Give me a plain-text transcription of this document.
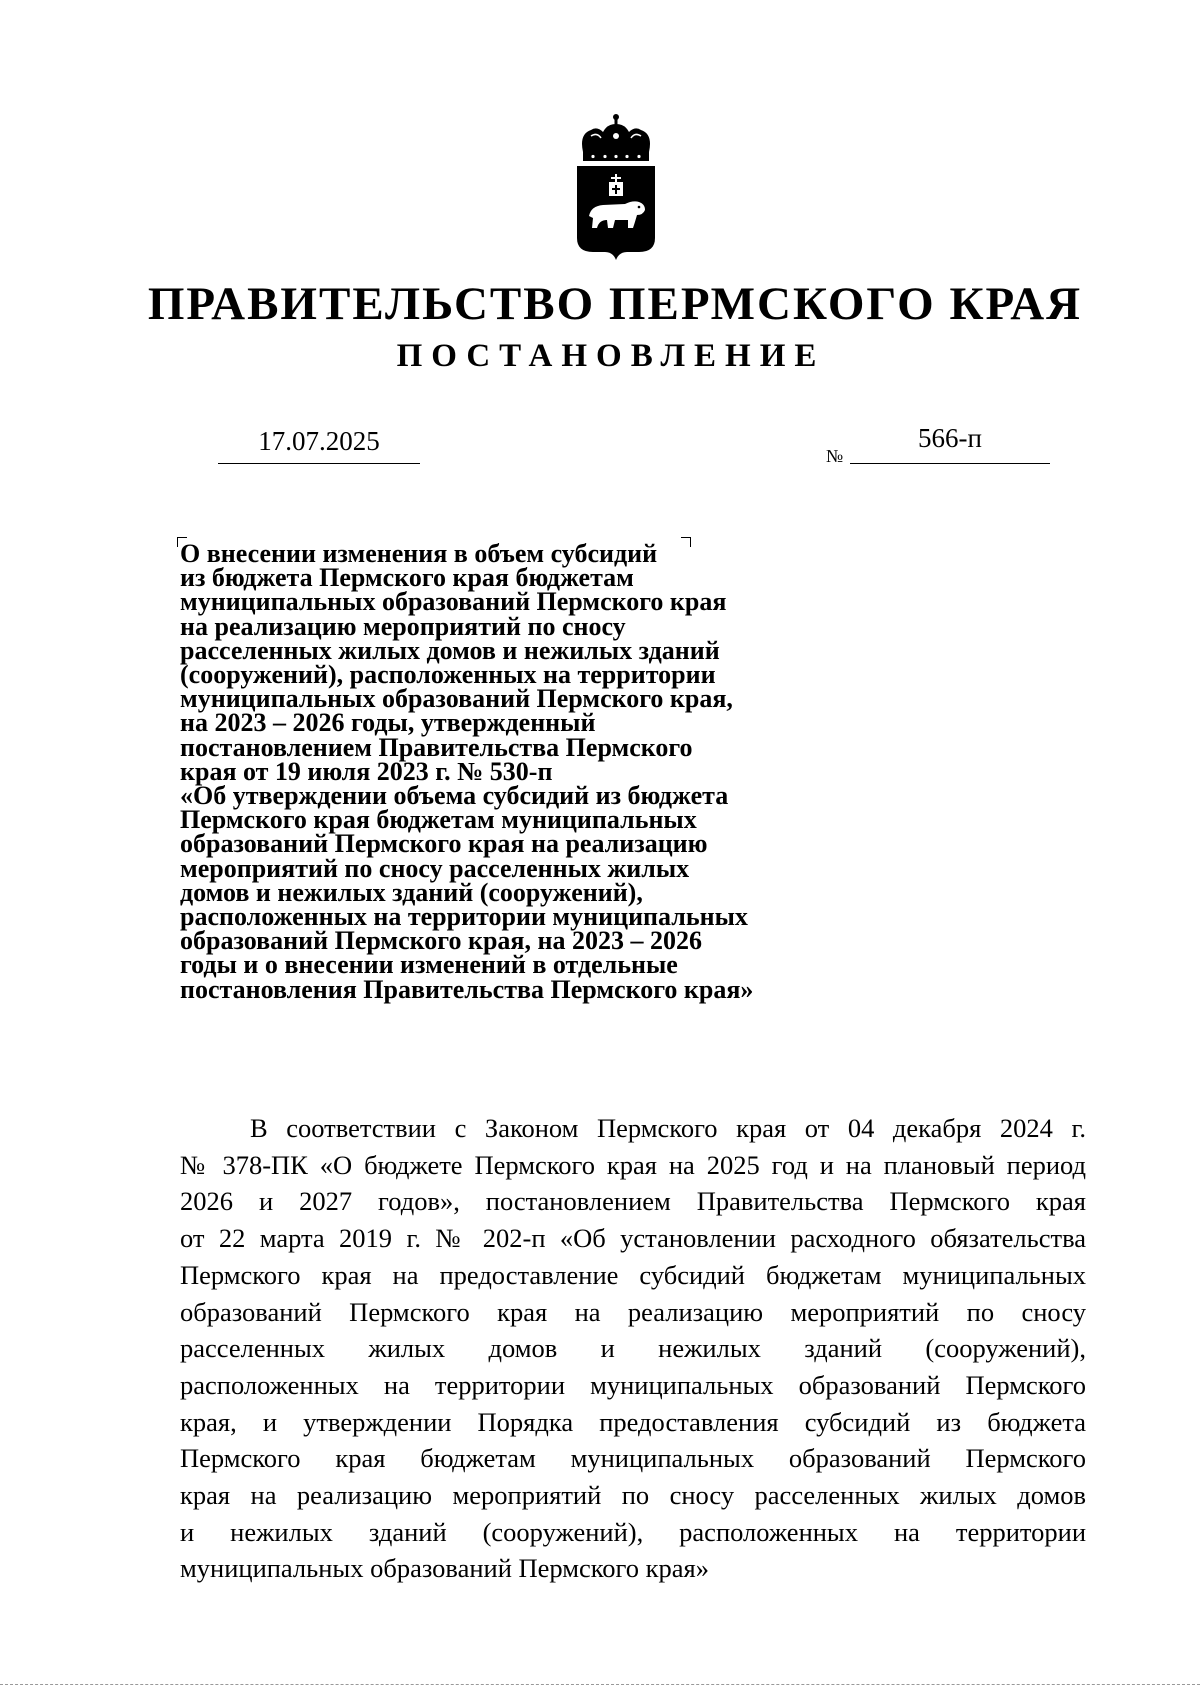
ПРАВИТЕЛЬСТВО ПЕРМСКОГО КРАЯ
ПОСТАНОВЛЕНИЕ
17.07.2025	№
566-п
О внесении изменения в объем субсидий
из бюджета Пермского края бюджетам
муниципальных образований Пермского края
на реализацию мероприятий по сносу
расселенных жилых домов и нежилых зданий
(сооружений), расположенных на территории
муниципальных образований Пермского края,
на 2023 – 2026 годы, утвержденный
постановлением Правительства Пермского
края от 19 июля 2023 г. № 530-п
«Об утверждении объема субсидий из бюджета
Пермского края бюджетам муниципальных
образований Пермского края на реализацию
мероприятий по сносу расселенных жилых
домов и нежилых зданий (сооружений),
расположенных на территории муниципальных
образований Пермского края, на 2023 – 2026
годы и о внесении изменений в отдельные
постановления Правительства Пермского края»
В соответствии с Законом Пермского края от 04 декабря 2024 г.
№ 378-ПК «О бюджете Пермского края на 2025 год и на плановый период
2026 и 2027 годов», постановлением Правительства Пермского края
от 22 марта 2019 г. № 202-п «Об установлении расходного обязательства
Пермского края на предоставление субсидий бюджетам муниципальных
образований Пермского края на реализацию мероприятий по сносу
расселенных жилых домов и нежилых зданий (сооружений),
расположенных на территории муниципальных образований Пермского
края, и утверждении Порядка предоставления субсидий из бюджета
Пермского края бюджетам муниципальных образований Пермского
края на реализацию мероприятий по сносу расселенных жилых домов
и нежилых зданий (сооружений), расположенных на территории
муниципальных образований Пермского края»
